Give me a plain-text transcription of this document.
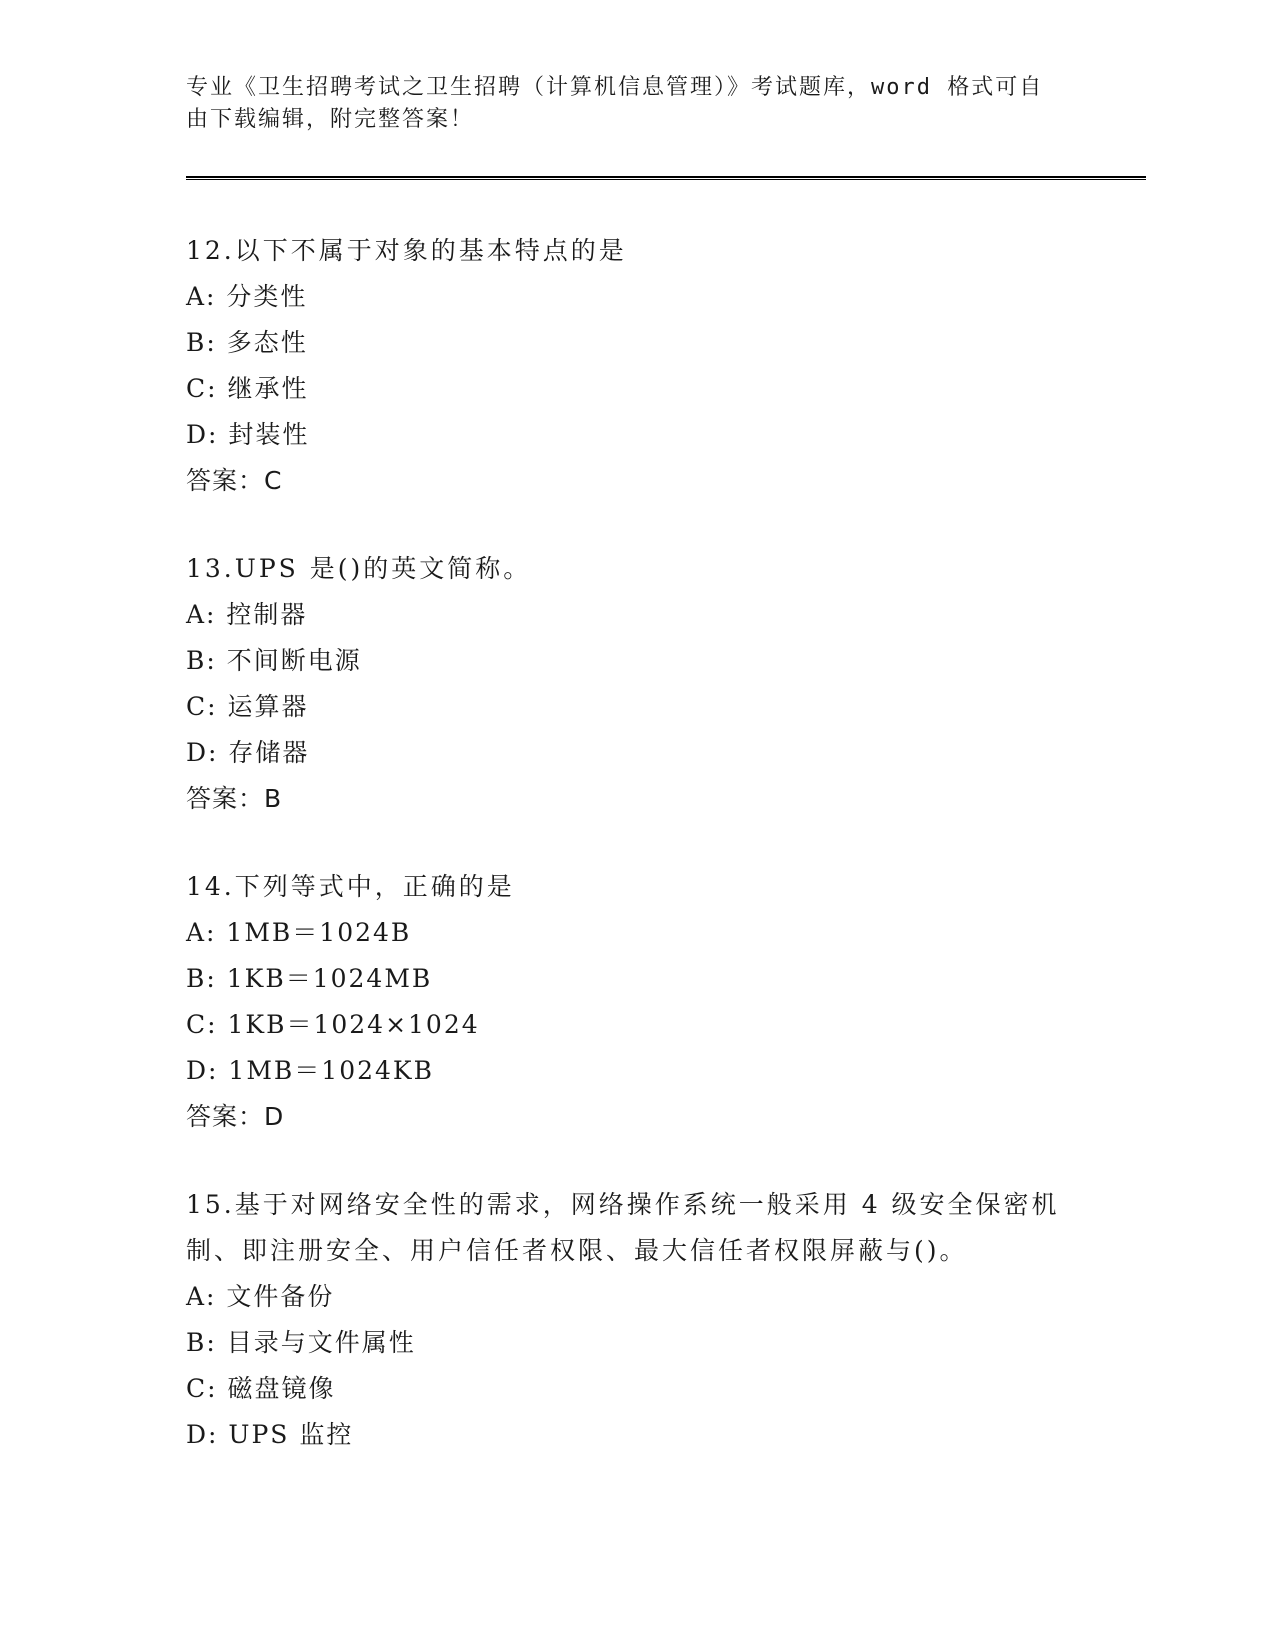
专业《卫生招聘考试之卫生招聘（计算机信息管理）》考试题库，word 格式可自
由下载编辑，附完整答案！
12.以下不属于对象的基本特点的是
A: 分类性
B: 多态性
C: 继承性
D: 封装性
答案：C
13.UPS 是()的英文简称。
A: 控制器
B: 不间断电源
C: 运算器
D: 存储器
答案：B
14.下列等式中，正确的是
A: 1MB＝1024B
B: 1KB＝1024MB
C: 1KB＝1024×1024
D: 1MB＝1024KB
答案：D
15.基于对网络安全性的需求，网络操作系统一般采用 4 级安全保密机制、即注册安全、用户信任者权限、最大信任者权限屏蔽与()。
A: 文件备份
B: 目录与文件属性
C: 磁盘镜像
D: UPS 监控
